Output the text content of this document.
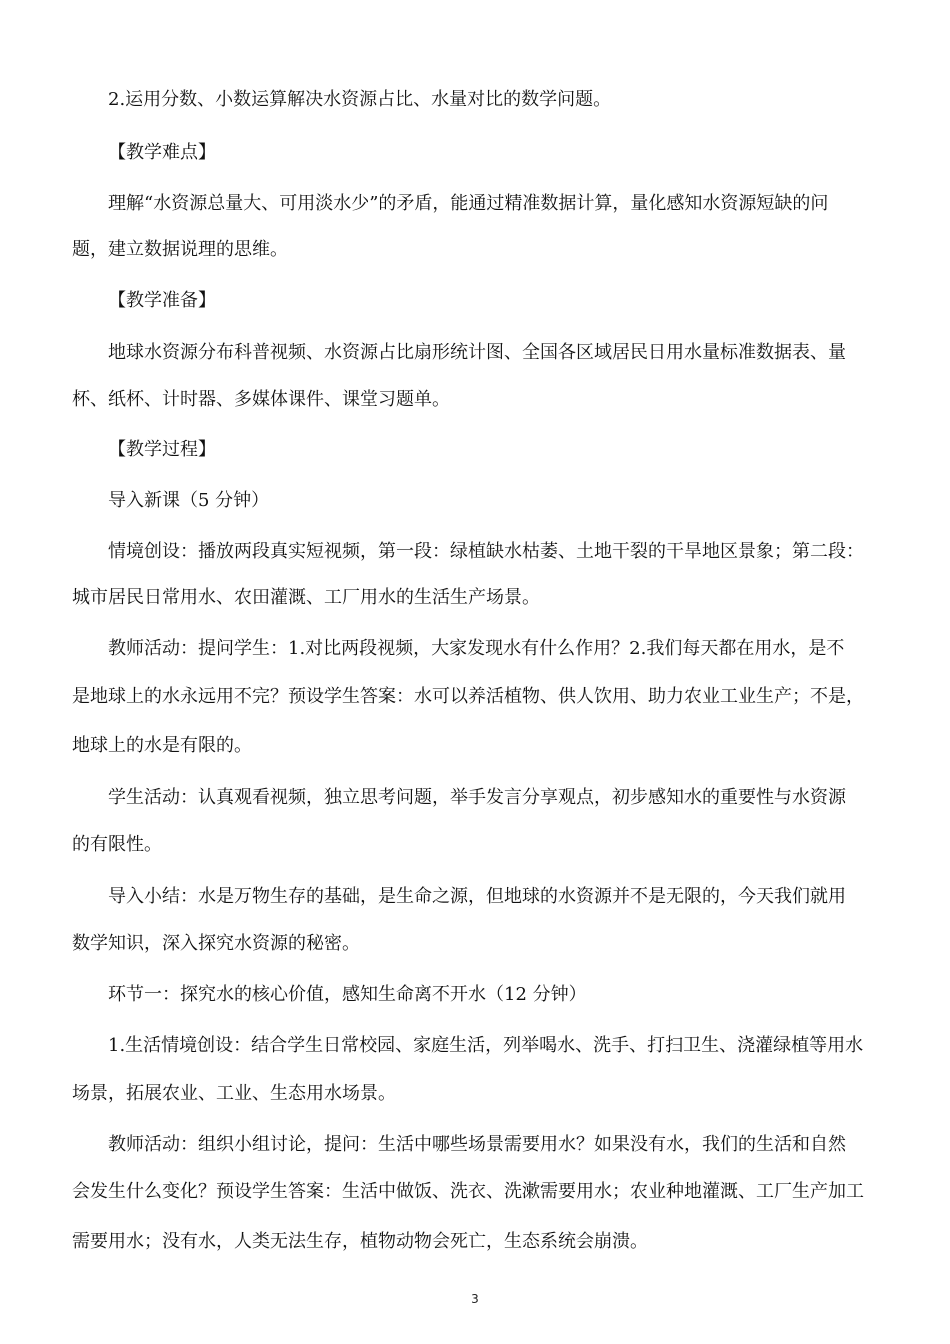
2.运用分数、小数运算解决水资源占比、水量对比的数学问题。
【教学难点】
理解“水资源总量大、可用淡水少”的矛盾，能通过精准数据计算，量化感知水资源短缺的问
题，建立数据说理的思维。
【教学准备】
地球水资源分布科普视频、水资源占比扇形统计图、全国各区域居民日用水量标准数据表、量
杯、纸杯、计时器、多媒体课件、课堂习题单。
【教学过程】
导入新课（5 分钟）
情境创设：播放两段真实短视频，第一段：绿植缺水枯萎、土地干裂的干旱地区景象；第二段：
城市居民日常用水、农田灌溉、工厂用水的生活生产场景。
教师活动：提问学生：1.对比两段视频，大家发现水有什么作用？2.我们每天都在用水，是不
是地球上的水永远用不完？预设学生答案：水可以养活植物、供人饮用、助力农业工业生产；不是，
地球上的水是有限的。
学生活动：认真观看视频，独立思考问题，举手发言分享观点，初步感知水的重要性与水资源
的有限性。
导入小结：水是万物生存的基础，是生命之源，但地球的水资源并不是无限的，今天我们就用
数学知识，深入探究水资源的秘密。
环节一：探究水的核心价值，感知生命离不开水（12 分钟）
1.生活情境创设：结合学生日常校园、家庭生活，列举喝水、洗手、打扫卫生、浇灌绿植等用水
场景，拓展农业、工业、生态用水场景。
教师活动：组织小组讨论，提问：生活中哪些场景需要用水？如果没有水，我们的生活和自然
会发生什么变化？预设学生答案：生活中做饭、洗衣、洗漱需要用水；农业种地灌溉、工厂生产加工
需要用水；没有水，人类无法生存，植物动物会死亡，生态系统会崩溃。
3
